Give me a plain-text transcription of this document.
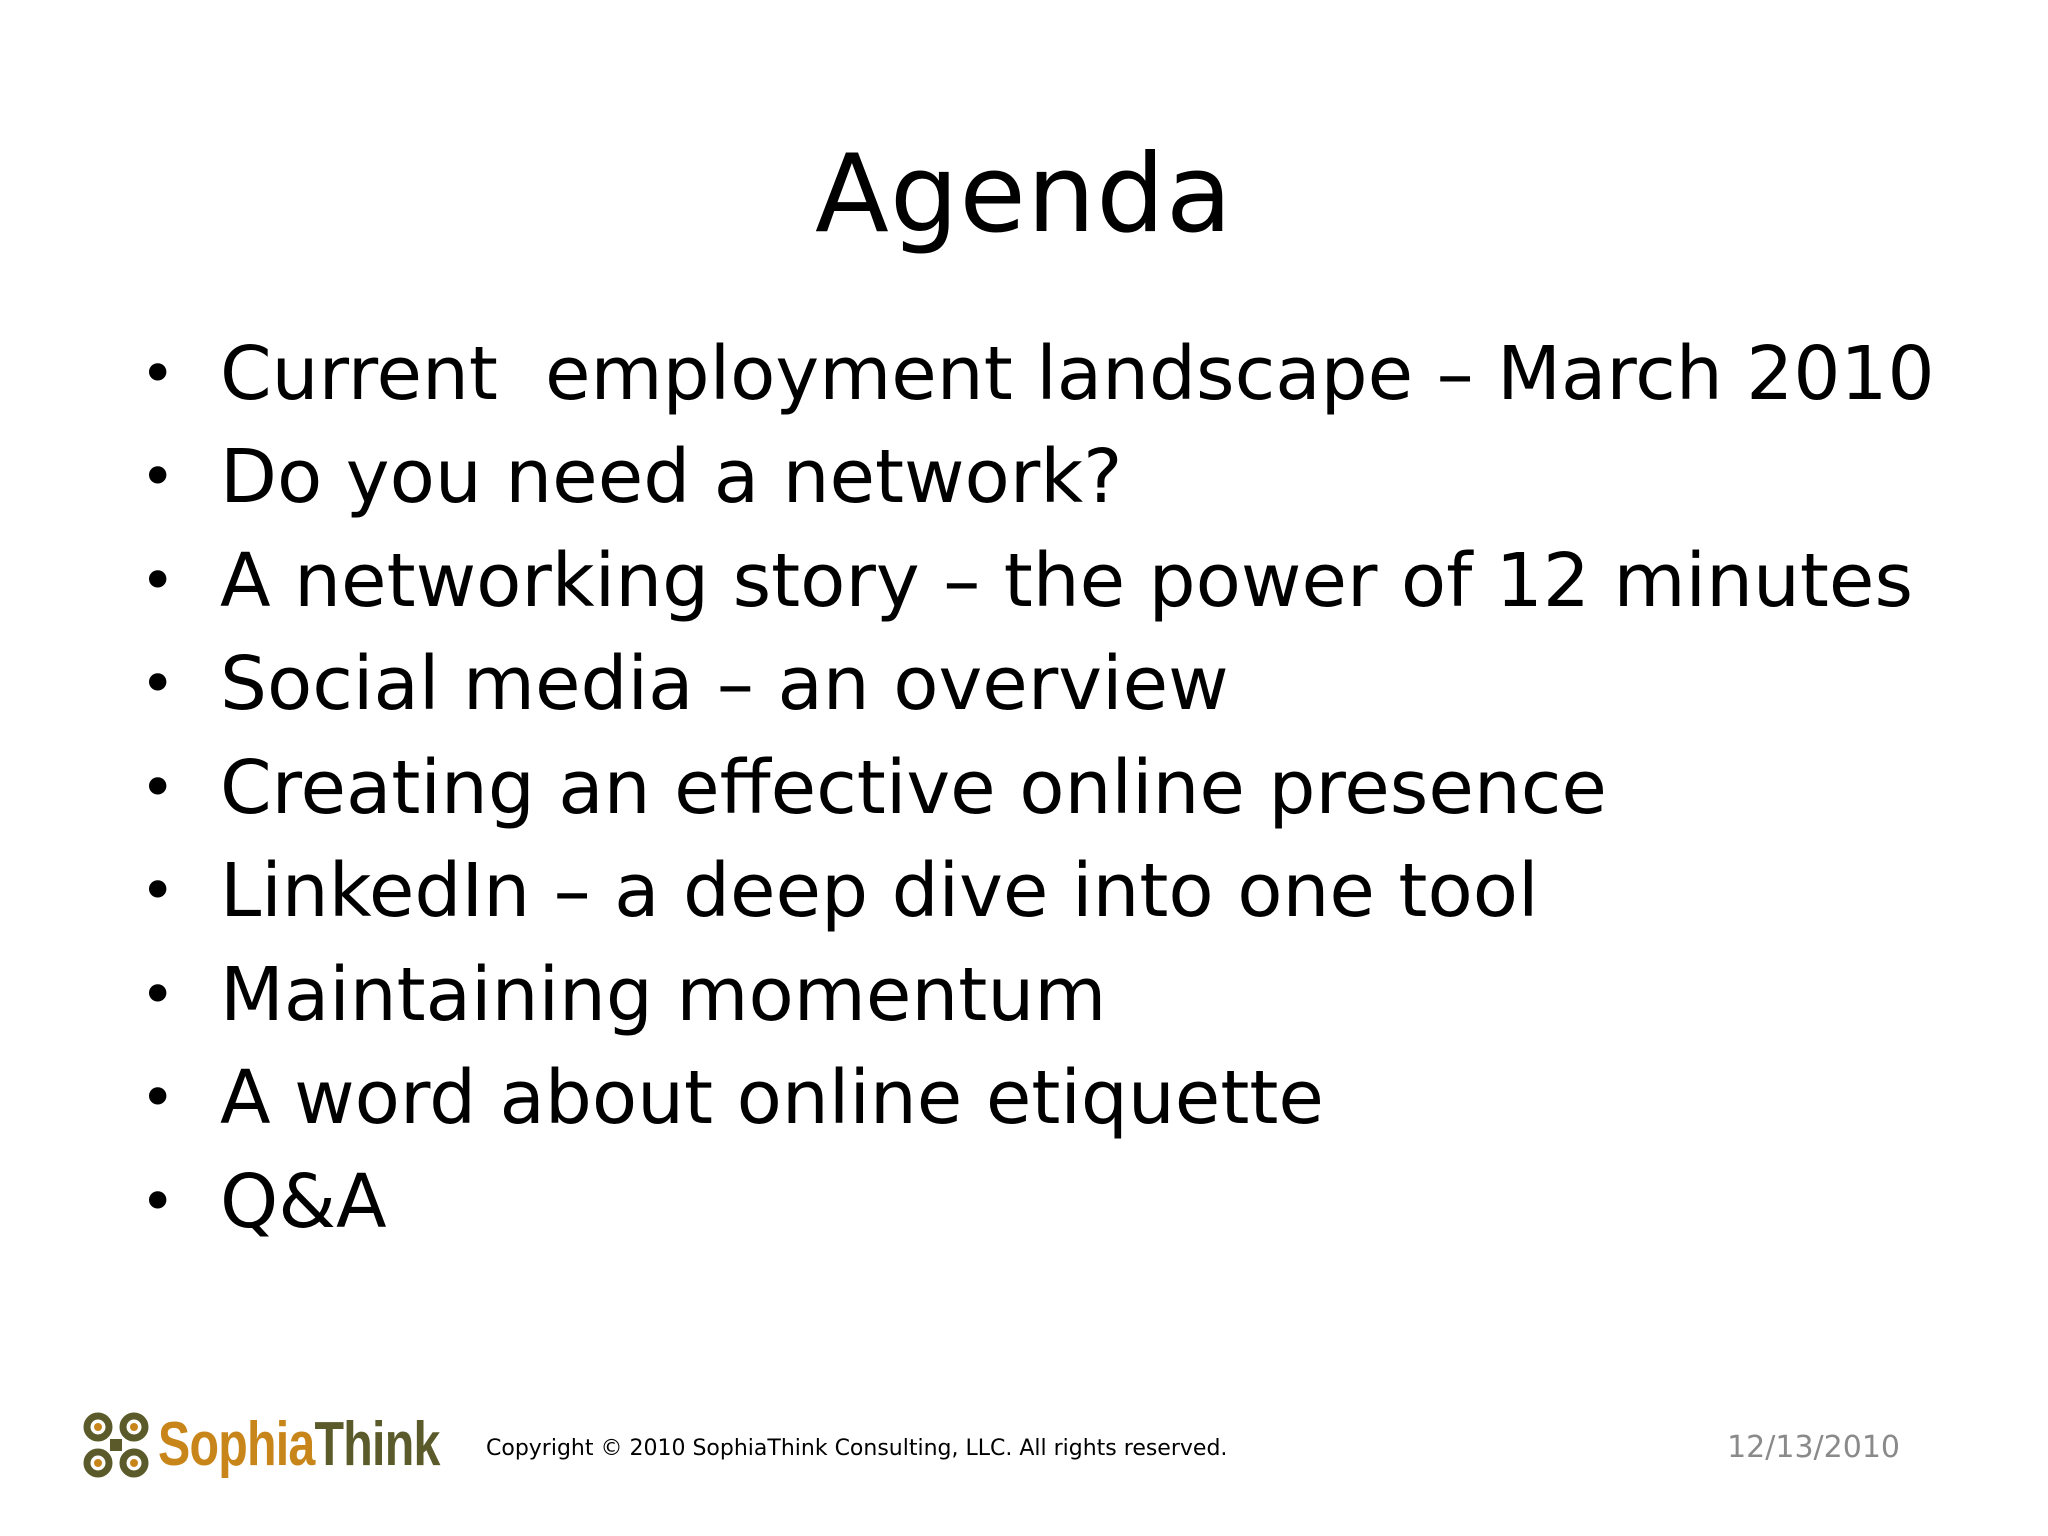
Agenda
• Current  employment landscape – March 2010
• Do you need a network?
• A networking story – the power of 12 minutes
• Social media – an overview
• Creating an effective online presence
• LinkedIn – a deep dive into one tool
• Maintaining momentum
• A word about online etiquette
• Q&A
SophiaThink Copyright © 2010 SophiaThink Consulting, LLC. All rights reserved.	12/13/2010
